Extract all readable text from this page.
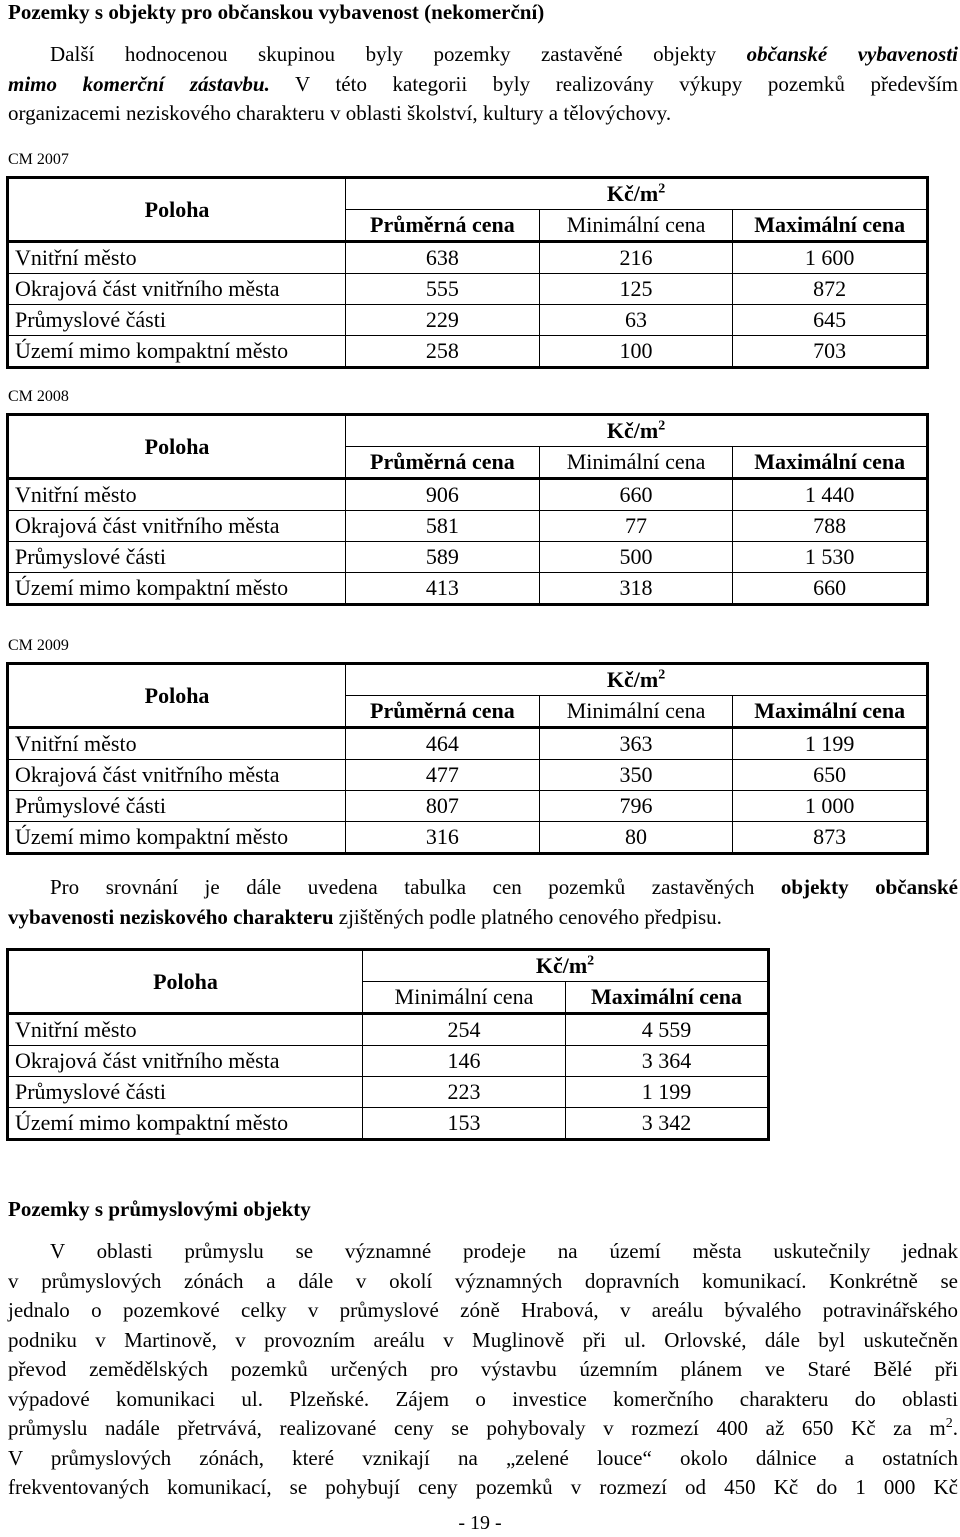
Pozemky s objekty pro občanskou vybavenost (nekomerční)
Další hodnocenou skupinou byly pozemky zastavěné objekty občanské vybavenosti
mimo komerční zástavbu. V této kategorii byly realizovány výkupy pozemků především
organizacemi neziskového charakteru v oblasti školství, kultury a tělovýchovy.
CM 2007
Poloha	$Kč/m^2$
	Průměrná cena	Minimální cena	Maximální cena
Vnitřní město	638	216	1 600
Okrajová část vnitřního města	555	125	872
Průmyslové části	229	63	645
Území mimo kompaktní město	258	100	703
CM 2008
Poloha	$Kč/m^2$
	Průměrná cena	Minimální cena	Maximální cena
Vnitřní město	906	660	1 440
Okrajová část vnitřního města	581	77	788
Průmyslové části	589	500	1 530
Území mimo kompaktní město	413	318	660
CM 2009
Poloha	$Kč/m^2$
	Průměrná cena	Minimální cena	Maximální cena
Vnitřní město	464	363	1 199
Okrajová část vnitřního města	477	350	650
Průmyslové části	807	796	1 000
Území mimo kompaktní město	316	80	873
Pro srovnání je dále uvedena tabulka cen pozemků zastavěných objekty občanské
vybavenosti neziskového charakteru zjištěných podle platného cenového předpisu.
Poloha	$Kč/m^2$
	Minimální cena	Maximální cena
Vnitřní město	254	4 559
Okrajová část vnitřního města	146	3 364
Průmyslové části	223	1 199
Území mimo kompaktní město	153	3 342
Pozemky s průmyslovými objekty
V oblasti průmyslu se významné prodeje na území města uskutečnily jednak
v průmyslových zónách a dále v okolí významných dopravních komunikací. Konkrétně se
jednalo o pozemkové celky v průmyslové zóně Hrabová, v areálu bývalého potravinářského
podniku v Martinově, v provozním areálu v Muglinově při ul. Orlovské, dále byl uskutečněn
převod zemědělských pozemků určených pro výstavbu územním plánem ve Staré Bělé při
výpadové komunikaci ul. Plzeňské. Zájem o investice komerčního charakteru do oblasti
průmyslu nadále přetrvává, realizované ceny se pohybovaly v rozmezí 400 až 650 Kč za $m^2$.
V průmyslových zónách, které vznikají na „zelené louce“ okolo dálnice a ostatních
frekventovaných komunikací, se pohybují ceny pozemků v rozmezí od 450 Kč do 1 000 Kč
- 19 -
